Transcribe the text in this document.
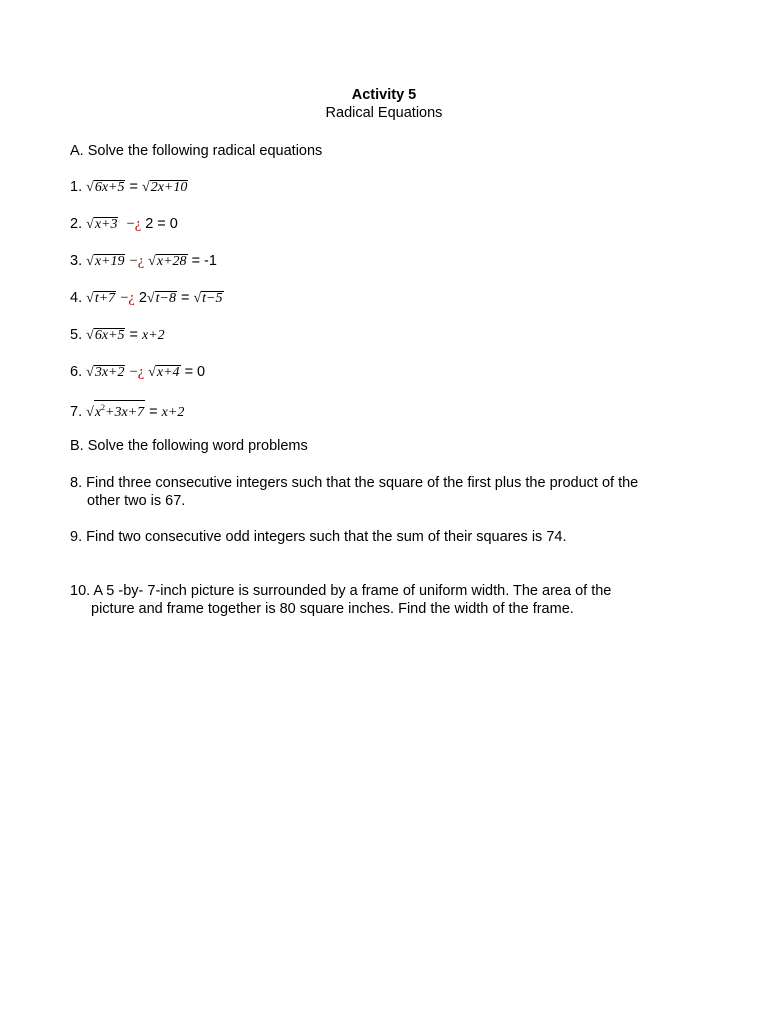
Activity 5
Radical Equations
A. Solve the following radical equations
1. √6x+5 = √2x+10
2. √x+3 −¿ 2 = 0
3. √x+19 −¿ √x+28 = -1
4. √t+7 −¿ 2√t−8 = √t−5
5. √6x+5 = x+2
6. √3x+2 −¿ √x+4 = 0
7. $√x^2+3x+7 = x+2$
B. Solve the following word problems
8. Find three consecutive integers such that the square of the first plus the product of the
other two is 67.
9. Find two consecutive odd integers such that the sum of their squares is 74.
10. A 5 -by- 7-inch picture is surrounded by a frame of uniform width. The area of the
picture and frame together is 80 square inches. Find the width of the frame.
